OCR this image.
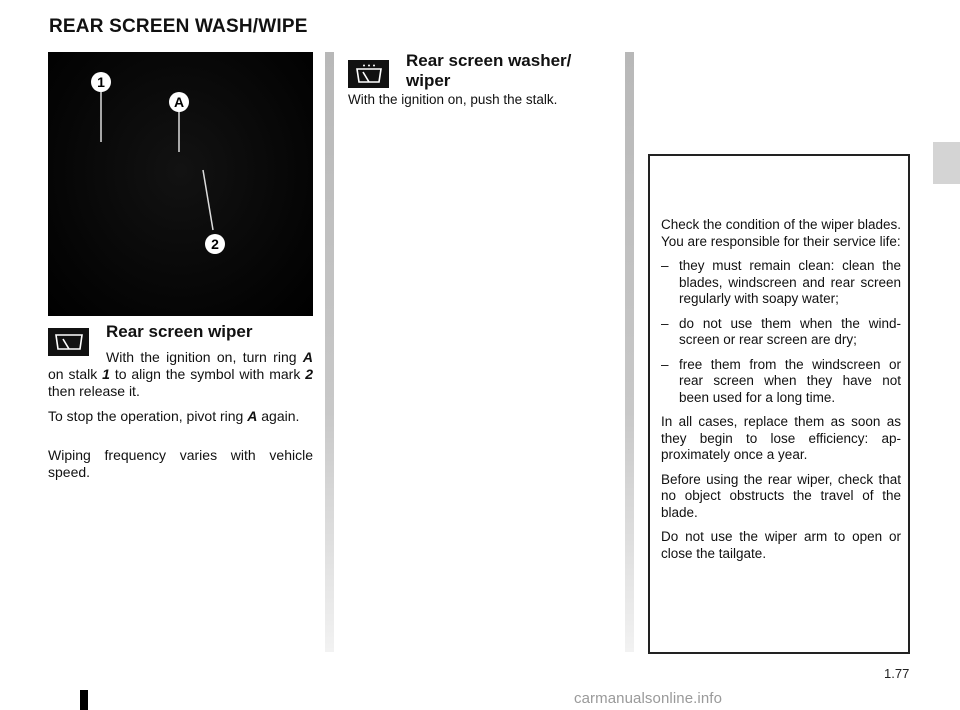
REAR SCREEN WASH/WIPE
1
A
2
Rear screen wiper

With the ignition on, turn ring A on stalk 1 to align the symbol with mark 2 then release it.

To stop the operation, pivot ring A again.

Wiping frequency varies with vehicle speed.

Rear screen washer/
wiper

With the ignition on, push the stalk.

Check the condition of the wiper blades. You are responsible for their service life:

– they must remain clean: clean the blades, windscreen and rear screen regularly with soapy water;
– do not use them when the wind-screen or rear screen are dry;
– free them from the windscreen or rear screen when they have not been used for a long time.

In all cases, replace them as soon as they begin to lose efficiency: ap-proximately once a year.

Before using the rear wiper, check that no object obstructs the travel of the blade.

Do not use the wiper arm to open or close the tailgate.

1.77
carmanualsonline.info
